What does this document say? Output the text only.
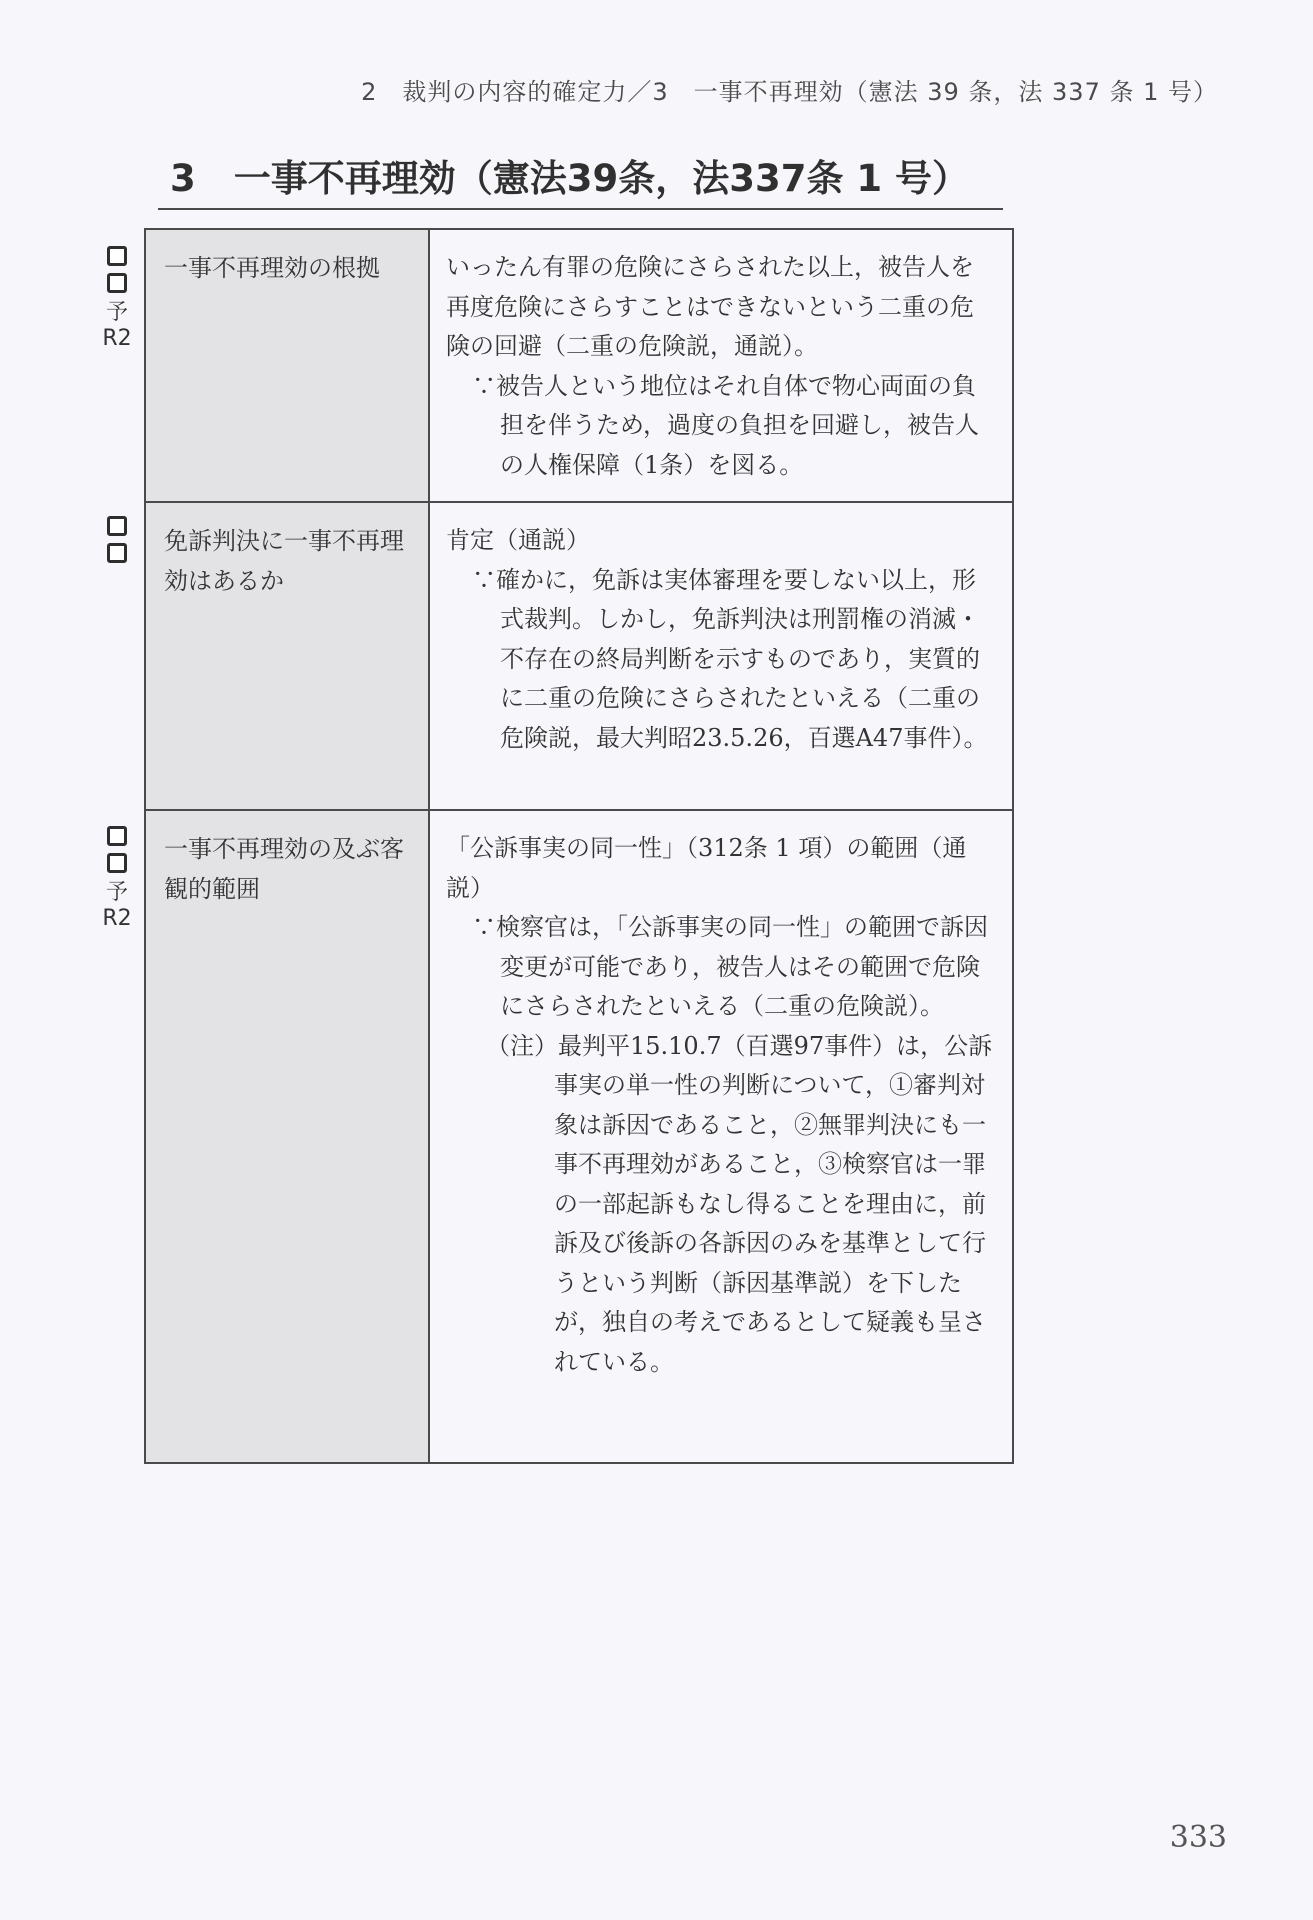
2　裁判の内容的確定力／3　一事不再理効（憲法 39 条，法 337 条 1 号）
3 一事不再理効（憲法39条，法337条 1 号）
予
R2
予
R2
一事不再理効の根拠	いったん有罪の危険にさらされた以上，被告人を再度危険にさらすことはできないという二重の危険の回避（二重の危険説，通説）。

∵被告人という地位はそれ自体で物心両面の負担を伴うため，過度の負担を回避し，被告人の人権保障（1条）を図る。

免訴判決に一事不再理効はあるか

肯定（通説）

∵確かに，免訴は実体審理を要しない以上，形式裁判。しかし，免訴判決は刑罰権の消滅・不存在の終局判断を示すものであり，実質的に二重の危険にさらされたといえる（二重の危険説，最大判昭23.5.26，百選A47事件）。

一事不再理効の及ぶ客観的範囲

「公訴事実の同一性」（312条 1 項）の範囲（通説）

∵検察官は，「公訴事実の同一性」の範囲で訴因変更が可能であり，被告人はその範囲で危険にさらされたといえる（二重の危険説）。

（注）最判平15.10.7（百選97事件）は，公訴事実の単一性の判断について，①審判対象は訴因であること，②無罪判決にも一事不再理効があること，③検察官は一罪の一部起訴もなし得ることを理由に，前訴及び後訴の各訴因のみを基準として行うという判断（訴因基準説）を下したが，独自の考えであるとして疑義も呈されている。

333
